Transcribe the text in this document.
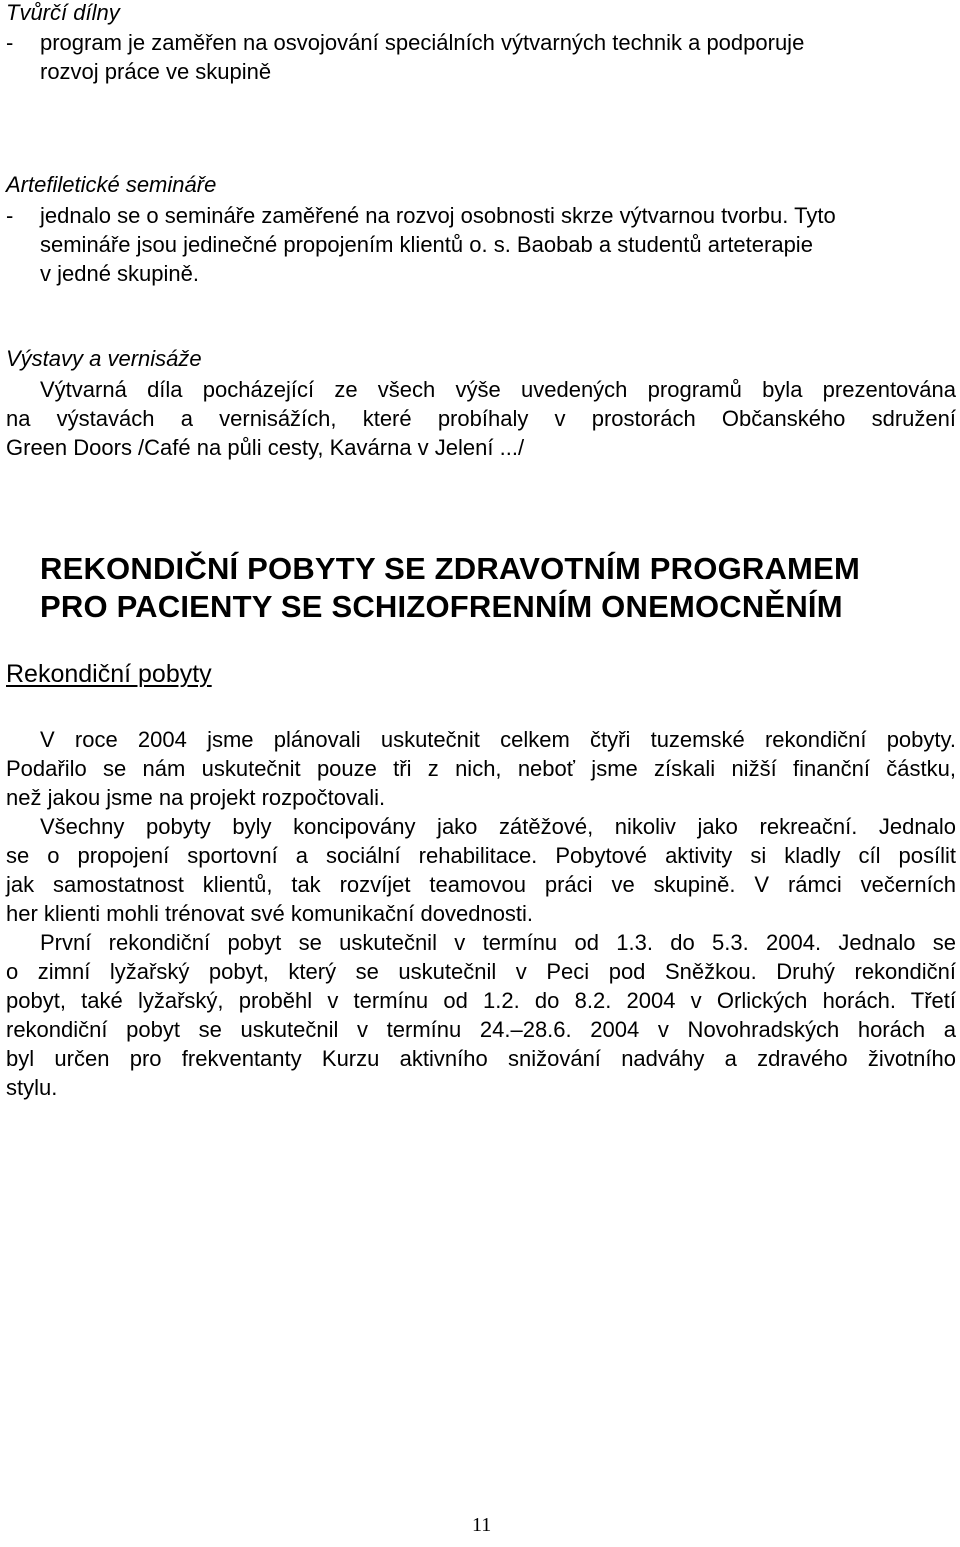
Tvůrčí dílny
- program je zaměřen na osvojování speciálních výtvarných technik a podporuje
rozvoj práce ve skupině
Artefiletické semináře
- jednalo se o semináře zaměřené na rozvoj osobnosti skrze výtvarnou tvorbu. Tyto
semináře jsou jedinečné propojením klientů o. s. Baobab a studentů arteterapie
v jedné skupině.
Výstavy a vernisáže
Výtvarná díla pocházející ze všech výše uvedených programů byla prezentována
na výstavách a vernisážích, které probíhaly v prostorách Občanského sdružení
Green Doors /Café na půli cesty, Kavárna v Jelení .../
REKONDIČNÍ POBYTY SE ZDRAVOTNÍM PROGRAMEM
PRO PACIENTY SE SCHIZOFRENNÍM ONEMOCNĚNÍM
Rekondiční pobyty
V roce 2004 jsme plánovali uskutečnit celkem čtyři tuzemské rekondiční pobyty.
Podařilo se nám uskutečnit pouze tři z nich, neboť jsme získali nižší finanční částku,
než jakou jsme na projekt rozpočtovali.
Všechny pobyty byly koncipovány jako zátěžové, nikoliv jako rekreační. Jednalo
se o propojení sportovní a sociální rehabilitace. Pobytové aktivity si kladly cíl posílit
jak samostatnost klientů, tak rozvíjet teamovou práci ve skupině. V rámci večerních
her klienti mohli trénovat své komunikační dovednosti.
První rekondiční pobyt se uskutečnil v termínu od 1.3. do 5.3. 2004. Jednalo se
o zimní lyžařský pobyt, který se uskutečnil v Peci pod Sněžkou. Druhý rekondiční
pobyt, také lyžařský, proběhl v termínu od 1.2. do 8.2. 2004 v Orlických horách. Třetí
rekondiční pobyt se uskutečnil v termínu 24.–28.6. 2004 v Novohradských horách a
byl určen pro frekventanty Kurzu aktivního snižování nadváhy a zdravého životního
stylu.
11
